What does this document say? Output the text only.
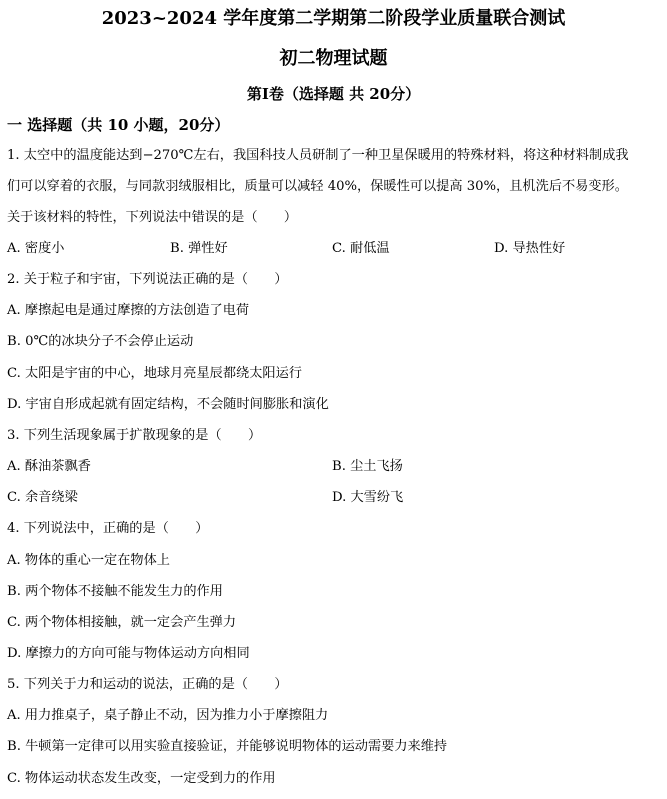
2023~2024 学年度第二学期第二阶段学业质量联合测试
初二物理试题
第Ⅰ卷（选择题 共 20分）
一 选择题（共 10 小题，20分）
1. 太空中的温度能达到−270℃左右，我国科技人员研制了一种卫星保暖用的特殊材料，将这种材料制成我
们可以穿着的衣服，与同款羽绒服相比，质量可以减轻 40%，保暖性可以提高 30%，且机洗后不易变形。
关于该材料的特性，下列说法中错误的是（　　）
A. 密度小	B. 弹性好	C. 耐低温	D. 导热性好
2. 关于粒子和宇宙，下列说法正确的是（　　）
A. 摩擦起电是通过摩擦的方法创造了电荷
B. 0℃的冰块分子不会停止运动
C. 太阳是宇宙的中心，地球月亮星辰都绕太阳运行
D. 宇宙自形成起就有固定结构，不会随时间膨胀和演化
3. 下列生活现象属于扩散现象的是（　　）
A. 酥油茶飘香	B. 尘土飞扬
C. 余音绕梁	D. 大雪纷飞
4. 下列说法中，正确的是（　　）
A. 物体的重心一定在物体上
B. 两个物体不接触不能发生力的作用
C. 两个物体相接触，就一定会产生弹力
D. 摩擦力的方向可能与物体运动方向相同
5. 下列关于力和运动的说法，正确的是（　　）
A. 用力推桌子，桌子静止不动，因为推力小于摩擦阻力
B. 牛顿第一定律可以用实验直接验证，并能够说明物体的运动需要力来维持
C. 物体运动状态发生改变，一定受到力的作用
